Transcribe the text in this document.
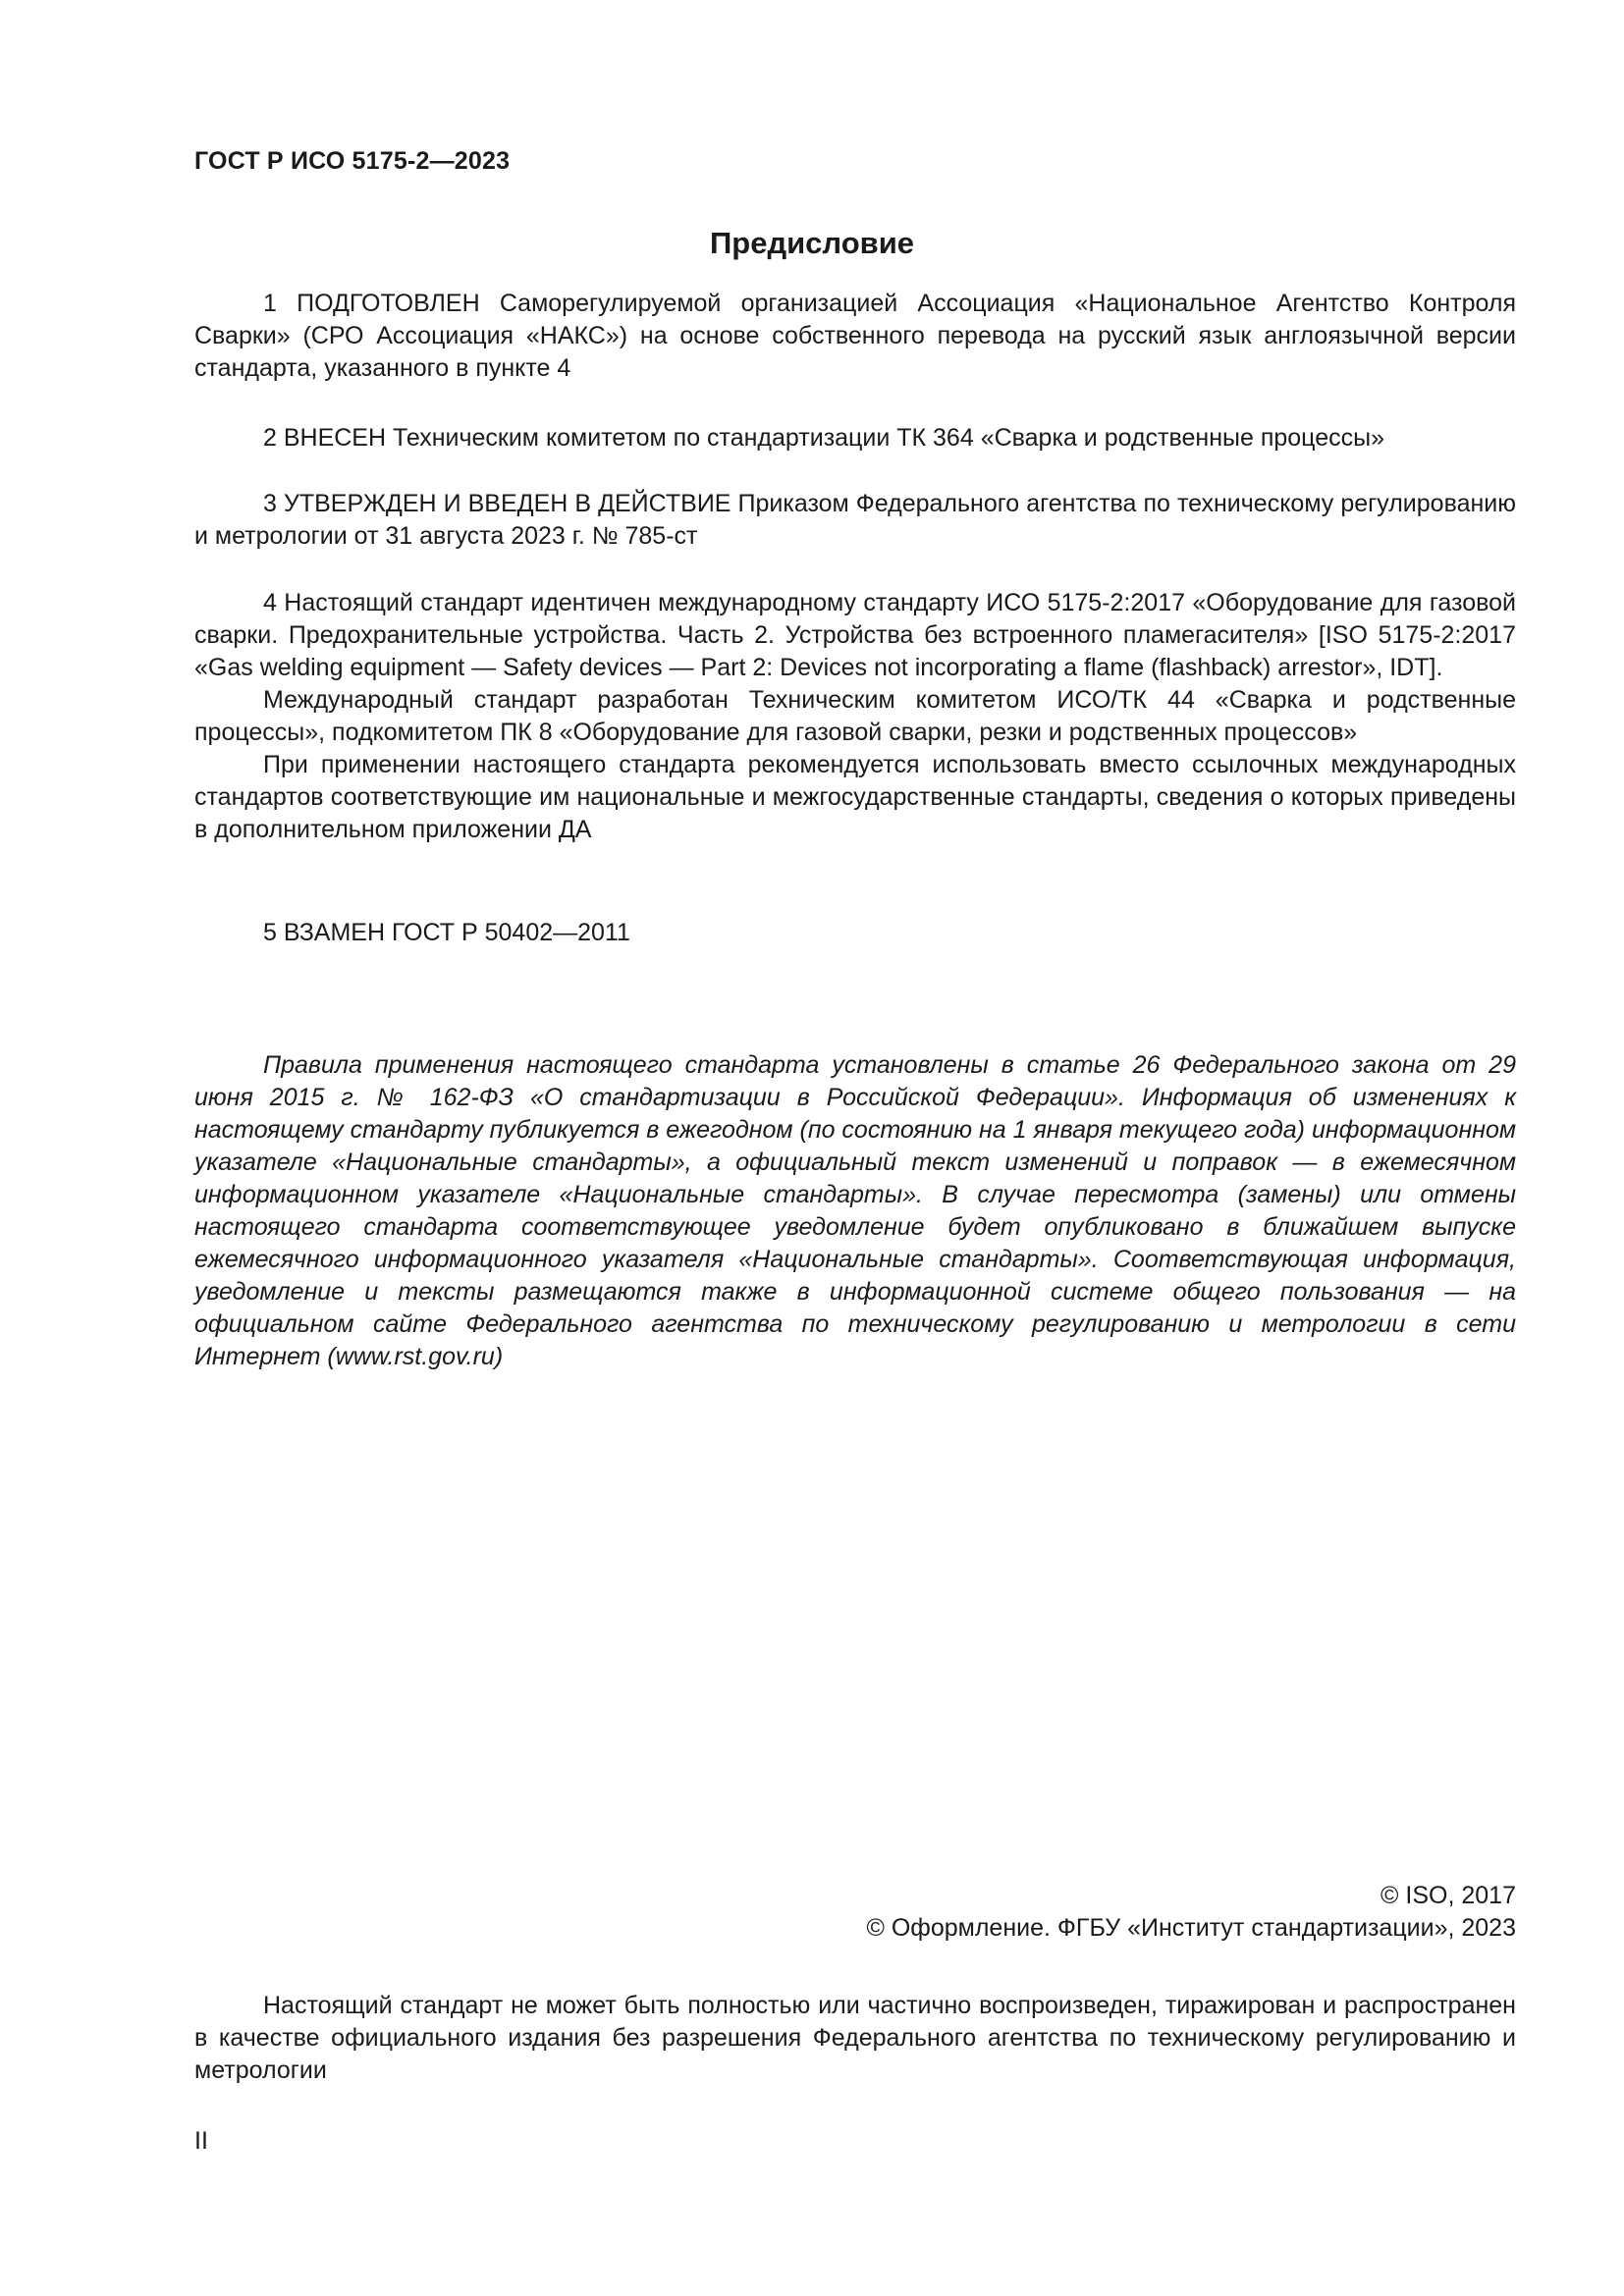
ГОСТ Р ИСО 5175-2—2023
Предисловие

1 ПОДГОТОВЛЕН Саморегулируемой организацией Ассоциация «Национальное Агентство Контроля Сварки» (СРО Ассоциация «НАКС») на основе собственного перевода на русский язык англоязычной версии стандарта, указанного в пункте 4

2 ВНЕСЕН Техническим комитетом по стандартизации ТК 364 «Сварка и родственные процессы»

3 УТВЕРЖДЕН И ВВЕДЕН В ДЕЙСТВИЕ Приказом Федерального агентства по техническому регулированию и метрологии от 31 августа 2023 г. № 785-ст

4 Настоящий стандарт идентичен международному стандарту ИСО 5175-2:2017 «Оборудование для газовой сварки. Предохранительные устройства. Часть 2. Устройства без встроенного пламегасителя» [ISO 5175-2:2017 «Gas welding equipment — Safety devices — Part 2: Devices not incorporating a flame (flashback) arrestor», IDT].

Международный стандарт разработан Техническим комитетом ИСО/ТК 44 «Сварка и родственные процессы», подкомитетом ПК 8 «Оборудование для газовой сварки, резки и родственных процессов»

При применении настоящего стандарта рекомендуется использовать вместо ссылочных международных стандартов соответствующие им национальные и межгосударственные стандарты, сведения о которых приведены в дополнительном приложении ДА

5 ВЗАМЕН ГОСТ Р 50402—2011

Правила применения настоящего стандарта установлены в статье 26 Федерального закона от 29 июня 2015 г. № 162-ФЗ «О стандартизации в Российской Федерации». Информация об изменениях к настоящему стандарту публикуется в ежегодном (по состоянию на 1 января текущего года) информационном указателе «Национальные стандарты», а официальный текст изменений и поправок — в ежемесячном информационном указателе «Национальные стандарты». В случае пересмотра (замены) или отмены настоящего стандарта соответствующее уведомление будет опубликовано в ближайшем выпуске ежемесячного информационного указателя «Национальные стандарты». Соответствующая информация, уведомление и тексты размещаются также в информационной системе общего пользования — на официальном сайте Федерального агентства по техническому регулированию и метрологии в сети Интернет (www.rst.gov.ru)

© ISO, 2017
© Оформление. ФГБУ «Институт стандартизации», 2023

Настоящий стандарт не может быть полностью или частично воспроизведен, тиражирован и распространен в качестве официального издания без разрешения Федерального агентства по техническому регулированию и метрологии

II
